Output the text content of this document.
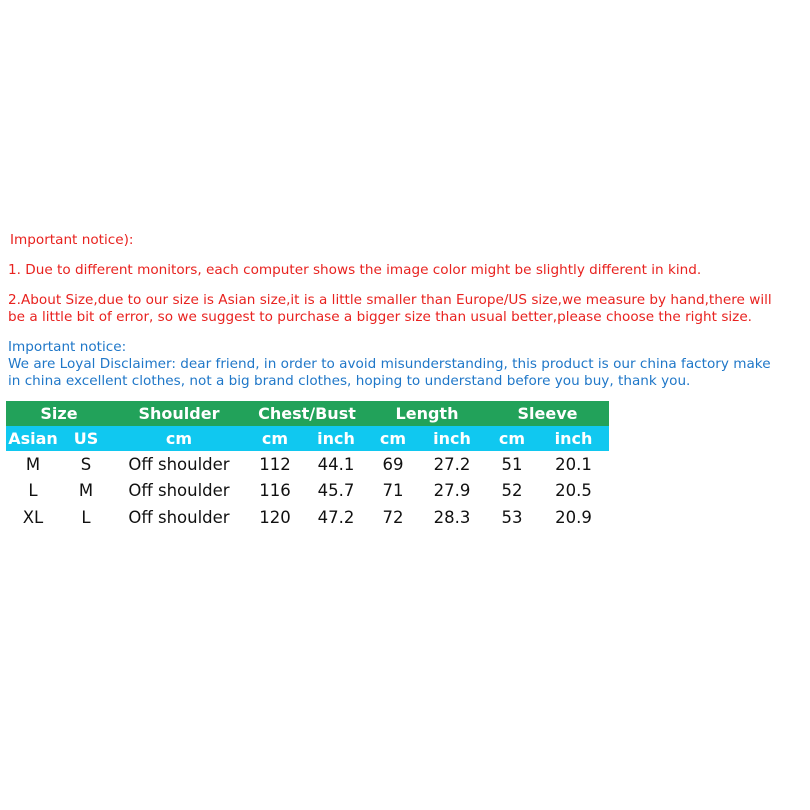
Important notice):

1. Due to different monitors, each computer shows the image color might be slightly different in kind.

2.About Size,due to our size is Asian size,it is a little smaller than Europe/US size,we measure by hand,there will

be a little bit of error, so we suggest to purchase a bigger size than usual better,please choose the right size.

Important notice:

We are Loyal Disclaimer: dear friend, in order to avoid misunderstanding, this product is our china factory make

in china excellent clothes, not a big brand clothes, hoping to understand before you buy, thank you.

Size		Shoulder	Chest/Bust		Length		Sleeve	
Asian	US	cm	cm	inch	cm	inch	cm	inch
M	S	Off shoulder	112	44.1	69	27.2	51	20.1
L	M	Off shoulder	116	45.7	71	27.9	52	20.5
XL	L	Off shoulder	120	47.2	72	28.3	53	20.9
